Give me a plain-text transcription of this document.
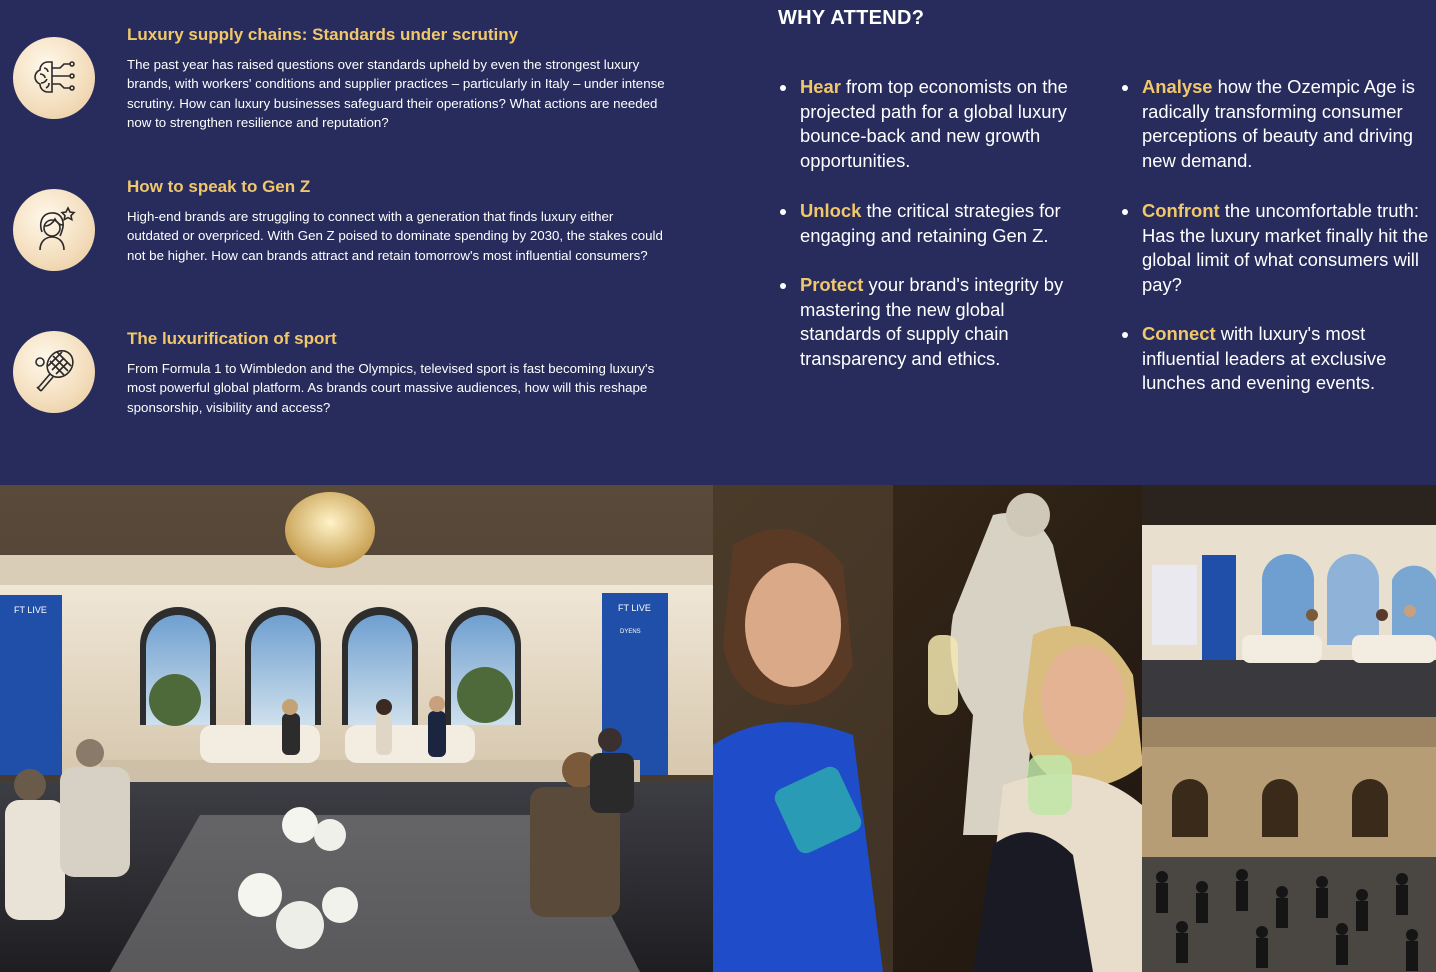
Luxury supply chains: Standards under scrutiny

The past year has raised questions over standards upheld by even the strongest luxury brands, with workers' conditions and supplier practices – particularly in Italy – under intense scrutiny. How can luxury businesses safeguard their operations? What actions are needed now to strengthen resilience and reputation?

How to speak to Gen Z

High-end brands are struggling to connect with a generation that finds luxury either outdated or overpriced. With Gen Z poised to dominate spending by 2030, the stakes could not be higher. How can brands attract and retain tomorrow's most influential consumers?

The luxurification of sport

From Formula 1 to Wimbledon and the Olympics, televised sport is fast becoming luxury's most powerful global platform. As brands court massive audiences, how will this reshape sponsorship, visibility and access?

WHY ATTEND?
Hear from top economists on the projected path for a global luxury bounce-back and new growth opportunities.
Unlock the critical strategies for engaging and retaining Gen Z.
Protect your brand's integrity by mastering the new global standards of supply chain transparency and ethics.
Analyse how the Ozempic Age is radically transforming consumer perceptions of beauty and driving new demand.
Confront the uncomfortable truth: Has the luxury market finally hit the global limit of what consumers will pay?
Connect with luxury's most influential leaders at exclusive lunches and evening events.
FT LIVE	FT LIVE
DYENS
